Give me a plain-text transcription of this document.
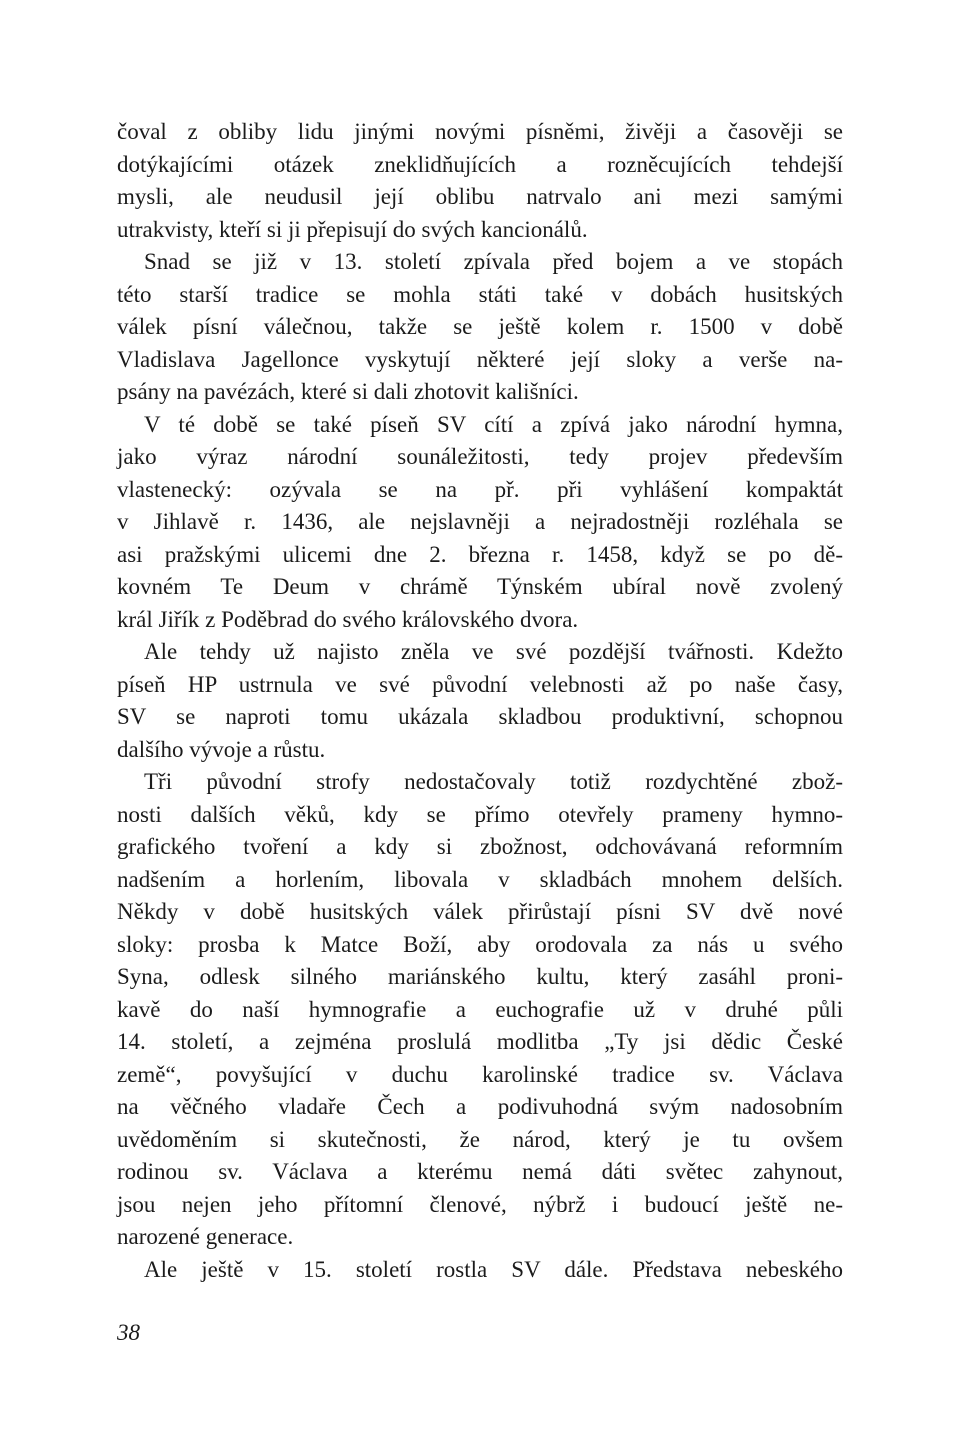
čoval z obliby lidu jinými novými písněmi, živěji a časověji se
dotýkajícími otázek zneklidňujících a rozněcujících tehdejší
mysli, ale neudusil její oblibu natrvalo ani mezi samými
utrakvisty, kteří si ji přepisují do svých kancionálů.
Snad se již v 13. století zpívala před bojem a ve stopách
této starší tradice se mohla státi také v dobách husitských
válek písní válečnou, takže se ještě kolem r. 1500 v době
Vladislava Jagellonce vyskytují některé její sloky a verše na-
psány na pavézách, které si dali zhotovit kališníci.
V té době se také píseň SV cítí a zpívá jako národní hymna,
jako výraz národní sounáležitosti, tedy projev především
vlastenecký: ozývala se na př. při vyhlášení kompaktát
v Jihlavě r. 1436, ale nejslavněji a nejradostněji rozléhala se
asi pražskými ulicemi dne 2. března r. 1458, když se po dě-
kovném Te Deum v chrámě Týnském ubíral nově zvolený
král Jiřík z Poděbrad do svého královského dvora.
Ale tehdy už najisto zněla ve své pozdější tvářnosti. Kdežto
píseň HP ustrnula ve své původní velebnosti až po naše časy,
SV se naproti tomu ukázala skladbou produktivní, schopnou
dalšího vývoje a růstu.
Tři původní strofy nedostačovaly totiž rozdychtěné zbož-
nosti dalších věků, kdy se přímo otevřely prameny hymno-
grafického tvoření a kdy si zbožnost, odchovávaná reformním
nadšením a horlením, libovala v skladbách mnohem delších.
Někdy v době husitských válek přirůstají písni SV dvě nové
sloky: prosba k Matce Boží, aby orodovala za nás u svého
Syna, odlesk silného mariánského kultu, který zasáhl proni-
kavě do naší hymnografie a euchografie už v druhé půli
14. století, a zejména proslulá modlitba „Ty jsi dědic České
země“, povyšující v duchu karolinské tradice sv. Václava
na věčného vladaře Čech a podivuhodná svým nadosobním
uvědoměním si skutečnosti, že národ, který je tu ovšem
rodinou sv. Václava a kterému nemá dáti světec zahynout,
jsou nejen jeho přítomní členové, nýbrž i budoucí ještě ne-
narozené generace.
Ale ještě v 15. století rostla SV dále. Představa nebeského
38
